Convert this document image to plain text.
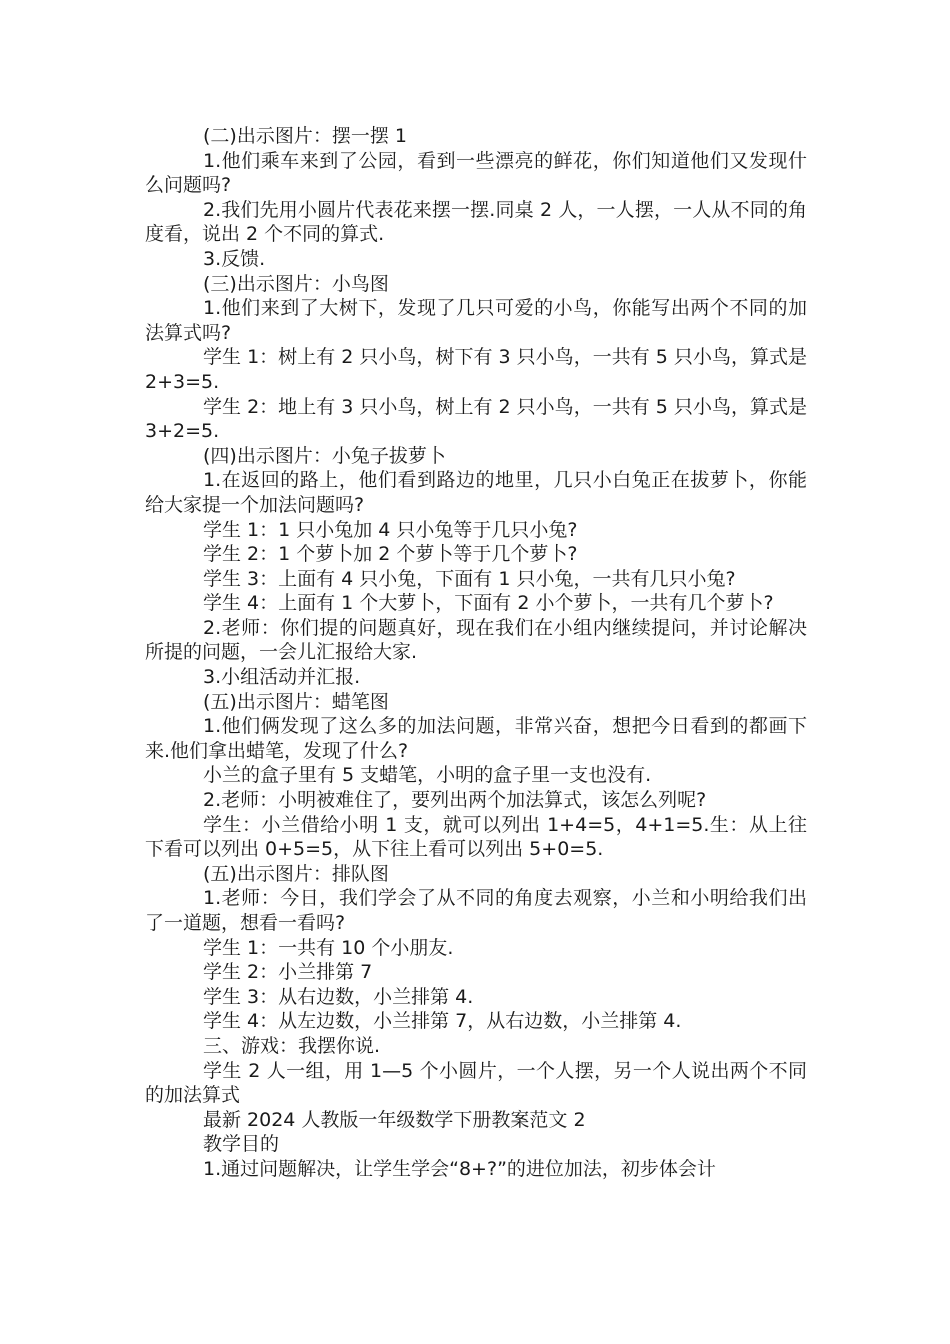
(二)出示图片：摆一摆 1

1.他们乘车来到了公园，看到一些漂亮的鲜花，你们知道他们又发现什么问题吗?

2.我们先用小圆片代表花来摆一摆.同桌 2 人，一人摆，一人从不同的角度看，说出 2 个不同的算式.

3.反馈.

(三)出示图片：小鸟图

1.他们来到了大树下，发现了几只可爱的小鸟，你能写出两个不同的加法算式吗?

学生 1：树上有 2 只小鸟，树下有 3 只小鸟，一共有 5 只小鸟，算式是 2+3=5.

学生 2：地上有 3 只小鸟，树上有 2 只小鸟，一共有 5 只小鸟，算式是 3+2=5.

(四)出示图片：小兔子拔萝卜

1.在返回的路上，他们看到路边的地里，几只小白兔正在拔萝卜，你能给大家提一个加法问题吗?

学生 1：1 只小兔加 4 只小兔等于几只小兔?

学生 2：1 个萝卜加 2 个萝卜等于几个萝卜?

学生 3：上面有 4 只小兔，下面有 1 只小兔，一共有几只小兔?

学生 4：上面有 1 个大萝卜，下面有 2 小个萝卜，一共有几个萝卜?

2.老师：你们提的问题真好，现在我们在小组内继续提问，并讨论解决所提的问题，一会儿汇报给大家.

3.小组活动并汇报.

(五)出示图片：蜡笔图

1.他们俩发现了这么多的加法问题，非常兴奋，想把今日看到的都画下来.他们拿出蜡笔，发现了什么?

小兰的盒子里有 5 支蜡笔，小明的盒子里一支也没有.

2.老师：小明被难住了，要列出两个加法算式，该怎么列呢?

学生：小兰借给小明 1 支，就可以列出 1+4=5，4+1=5.生：从上往下看可以列出 0+5=5，从下往上看可以列出 5+0=5.

(五)出示图片：排队图

1.老师：今日，我们学会了从不同的角度去观察，小兰和小明给我们出了一道题，想看一看吗?

学生 1：一共有 10 个小朋友.

学生 2：小兰排第 7

学生 3：从右边数，小兰排第 4.

学生 4：从左边数，小兰排第 7，从右边数，小兰排第 4.

三、游戏：我摆你说.

学生 2 人一组，用 1—5 个小圆片，一个人摆，另一个人说出两个不同的加法算式

最新 2024 人教版一年级数学下册教案范文 2

教学目的

1.通过问题解决，让学生学会“8+?”的进位加法，初步体会计
